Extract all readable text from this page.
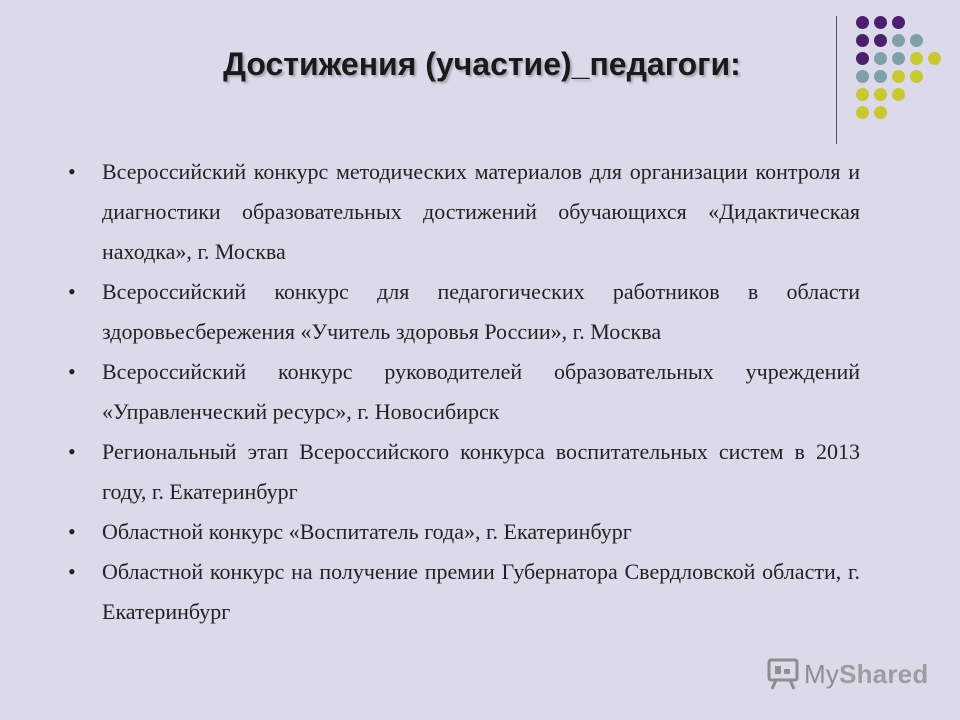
Достижения (участие)_педагоги:
• Всероссийский конкурс методических материалов для организации контроля и диагностики образовательных достижений обучающихся «Дидактическая находка», г. Москва
• Всероссийский конкурс для педагогических работников в области здоровьесбережения «Учитель здоровья России», г. Москва
• Всероссийский конкурс руководителей образовательных учреждений «Управленческий ресурс», г. Новосибирск
• Региональный этап Всероссийского конкурса воспитательных систем в 2013 году, г. Екатеринбург
• Областной конкурс «Воспитатель года», г. Екатеринбург
• Областной конкурс на получение премии Губернатора Свердловской области, г. Екатеринбург
My Shared
